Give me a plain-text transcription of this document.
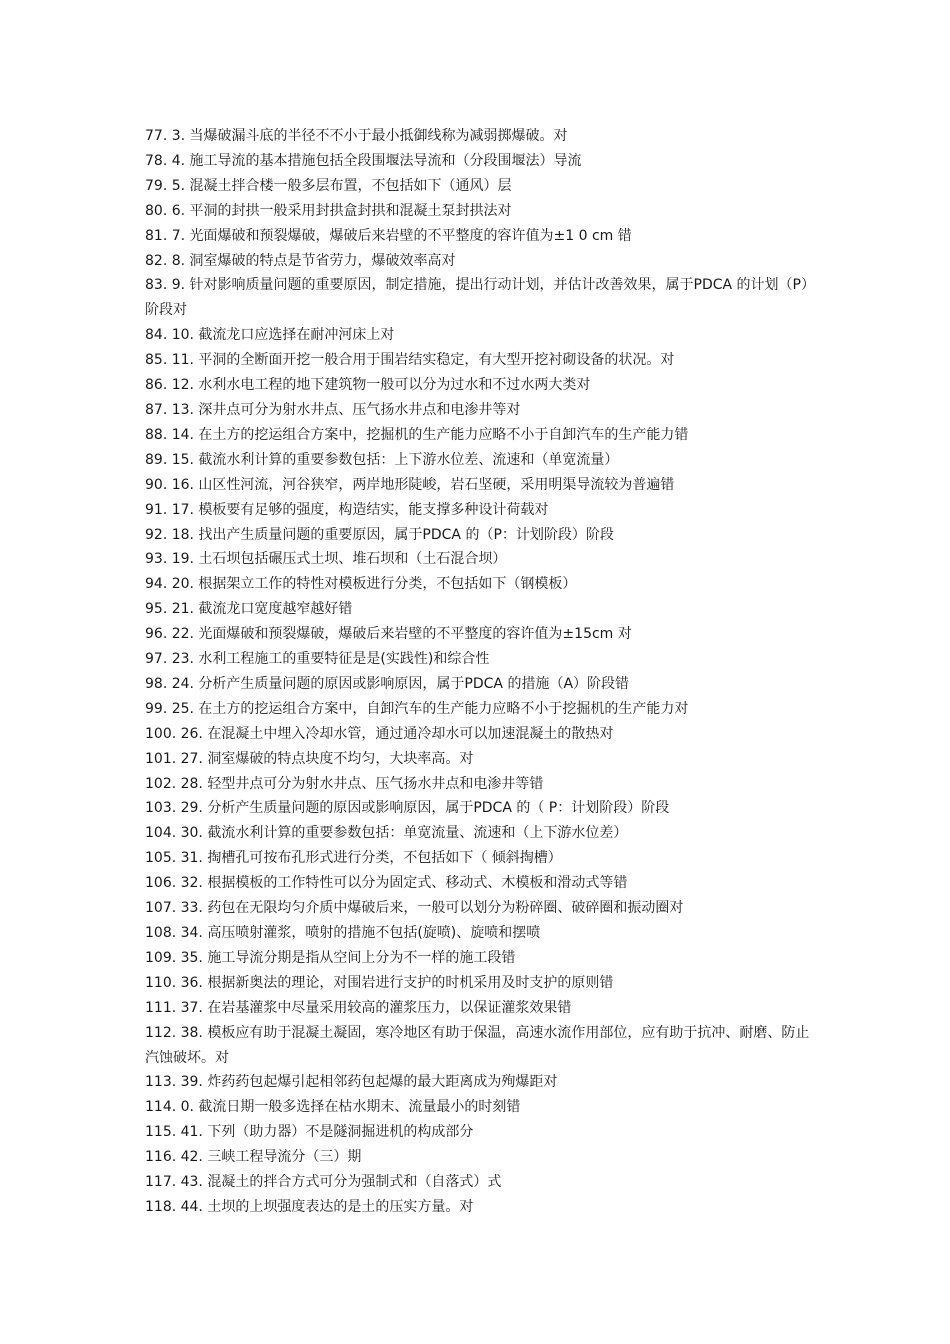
77. 3. 当爆破漏斗底的半径不不小于最小抵御线称为减弱掷爆破。对
78. 4. 施工导流的基本措施包括全段围堰法导流和（分段围堰法）导流
79. 5. 混凝土拌合楼一般多层布置，不包括如下（通风）层
80. 6. 平洞的封拱一般采用封拱盒封拱和混凝土泵封拱法对
81. 7. 光面爆破和预裂爆破，爆破后来岩壁的不平整度的容许值为±1 0 cm 错
82. 8. 洞室爆破的特点是节省劳力，爆破效率高对
83. 9. 针对影响质量问题的重要原因，制定措施，提出行动计划，并估计改善效果，属于PDCA 的计划（P）阶段对
84. 10. 截流龙口应选择在耐冲河床上对
85. 11. 平洞的全断面开挖一般合用于围岩结实稳定，有大型开挖衬砌设备的状况。对
86. 12. 水利水电工程的地下建筑物一般可以分为过水和不过水两大类对
87. 13. 深井点可分为射水井点、压气扬水井点和电渗井等对
88. 14. 在土方的挖运组合方案中，挖掘机的生产能力应略不小于自卸汽车的生产能力错
89. 15. 截流水利计算的重要参数包括：上下游水位差、流速和（单宽流量）
90. 16. 山区性河流，河谷狭窄，两岸地形陡峻，岩石坚硬，采用明渠导流较为普遍错
91. 17. 模板要有足够的强度，构造结实，能支撑多种设计荷载对
92. 18. 找出产生质量问题的重要原因，属于PDCA 的（P：计划阶段）阶段
93. 19. 土石坝包括碾压式土坝、堆石坝和（土石混合坝）
94. 20. 根据架立工作的特性对模板进行分类，不包括如下（钢模板）
95. 21. 截流龙口宽度越窄越好错
96. 22. 光面爆破和预裂爆破，爆破后来岩壁的不平整度的容许值为±15cm 对
97. 23. 水利工程施工的重要特征是是(实践性)和综合性
98. 24. 分析产生质量问题的原因或影响原因，属于PDCA 的措施（A）阶段错
99. 25. 在土方的挖运组合方案中，自卸汽车的生产能力应略不小于挖掘机的生产能力对
100. 26. 在混凝土中埋入冷却水管，通过通冷却水可以加速混凝土的散热对
101. 27. 洞室爆破的特点块度不均匀，大块率高。对
102. 28. 轻型井点可分为射水井点、压气扬水井点和电渗井等错
103. 29. 分析产生质量问题的原因或影响原因，属于PDCA 的（ P：计划阶段）阶段
104. 30. 截流水利计算的重要参数包括：单宽流量、流速和（上下游水位差）
105. 31. 掏槽孔可按布孔形式进行分类，不包括如下（ 倾斜掏槽）
106. 32. 根据模板的工作特性可以分为固定式、移动式、木模板和滑动式等错
107. 33. 药包在无限均匀介质中爆破后来，一般可以划分为粉碎圈、破碎圈和振动圈对
108. 34. 高压喷射灌浆，喷射的措施不包括(旋喷)、旋喷和摆喷
109. 35. 施工导流分期是指从空间上分为不一样的施工段错
110. 36. 根据新奥法的理论，对围岩进行支护的时机采用及时支护的原则错
111. 37. 在岩基灌浆中尽量采用较高的灌浆压力，以保证灌浆效果错
112. 38. 模板应有助于混凝土凝固，寒冷地区有助于保温，高速水流作用部位，应有助于抗冲、耐磨、防止汽蚀破坏。对
113. 39. 炸药药包起爆引起相邻药包起爆的最大距离成为殉爆距对
114. 0. 截流日期一般多选择在枯水期末、流量最小的时刻错
115. 41. 下列（助力器）不是隧洞掘进机的构成部分
116. 42. 三峡工程导流分（三）期
117. 43. 混凝土的拌合方式可分为强制式和（自落式）式
118. 44. 土坝的上坝强度表达的是土的压实方量。对
